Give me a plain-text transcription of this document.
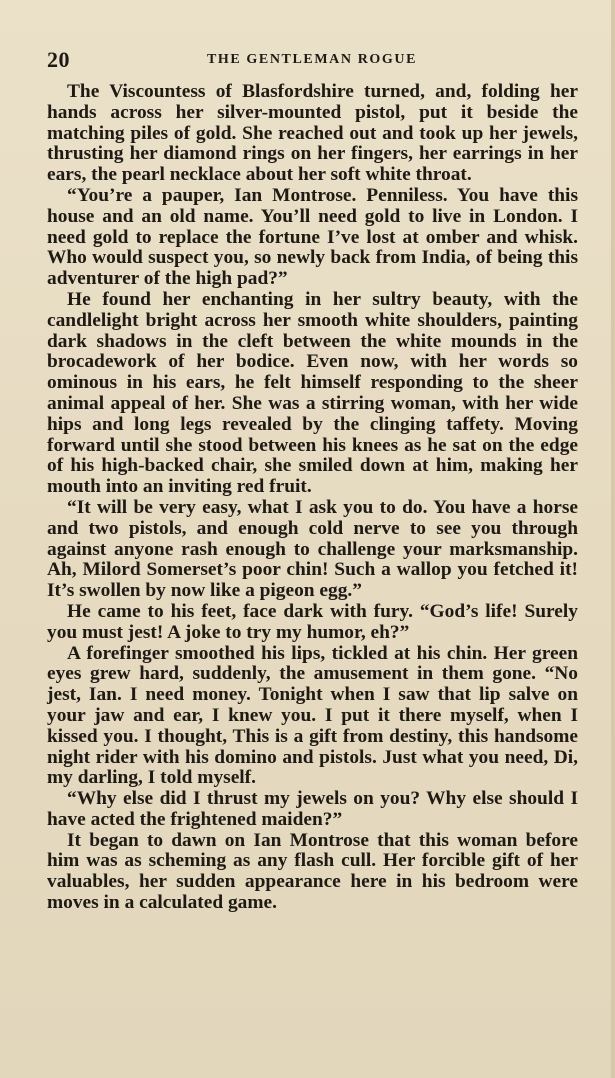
20	THE GENTLEMAN ROGUE

The Viscountess of Blasfordshire turned, and, folding her hands across her silver-mounted pistol, put it beside the matching piles of gold. She reached out and took up her jewels, thrusting her diamond rings on her fingers, her earrings in her ears, the pearl necklace about her soft white throat.

“You’re a pauper, Ian Montrose. Penniless. You have this house and an old name. You’ll need gold to live in London. I need gold to replace the fortune I’ve lost at omber and whisk. Who would suspect you, so newly back from India, of being this adventurer of the high pad?”

He found her enchanting in her sultry beauty, with the candlelight bright across her smooth white shoulders, painting dark shadows in the cleft between the white mounds in the brocadework of her bodice. Even now, with her words so ominous in his ears, he felt himself responding to the sheer animal appeal of her. She was a stirring woman, with her wide hips and long legs revealed by the clinging taffety. Moving forward until she stood between his knees as he sat on the edge of his high-backed chair, she smiled down at him, making her mouth into an inviting red fruit.

“It will be very easy, what I ask you to do. You have a horse and two pistols, and enough cold nerve to see you through against anyone rash enough to challenge your marksmanship. Ah, Milord Somerset’s poor chin! Such a wallop you fetched it! It’s swollen by now like a pigeon egg.”

He came to his feet, face dark with fury. “God’s life! Surely you must jest! A joke to try my humor, eh?”

A forefinger smoothed his lips, tickled at his chin. Her green eyes grew hard, suddenly, the amusement in them gone. “No jest, Ian. I need money. Tonight when I saw that lip salve on your jaw and ear, I knew you. I put it there myself, when I kissed you. I thought, This is a gift from destiny, this handsome night rider with his domino and pistols. Just what you need, Di, my darling, I told myself.

“Why else did I thrust my jewels on you? Why else should I have acted the frightened maiden?”

It began to dawn on Ian Montrose that this woman before him was as scheming as any flash cull. Her forcible gift of her valuables, her sudden appearance here in his bedroom were moves in a calculated game.
